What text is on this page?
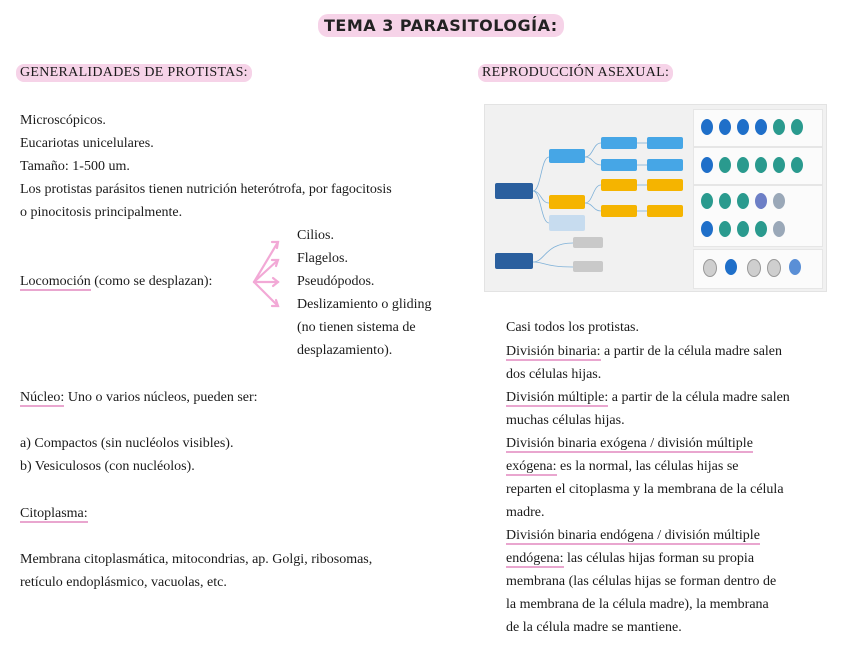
TEMA 3 PARASITOLOGÍA:
GENERALIDADES DE PROTISTAS:
Microscópicos.
Eucariotas unicelulares.
Tamaño: 1-500 um.
Los protistas parásitos tienen nutrición heterótrofa, por fagocitosis
o pinocitosis principalmente.
Locomoción (como se desplazan):
Cilios.
Flagelos.
Pseudópodos.
Deslizamiento o gliding
(no tienen sistema de
desplazamiento).
Núcleo: Uno o varios núcleos, pueden ser:
a) Compactos (sin nucléolos visibles).
b) Vesiculosos (con nucléolos).
Citoplasma:
Membrana citoplasmática, mitocondrias, ap. Golgi, ribosomas,
retículo endoplásmico, vacuolas, etc.
REPRODUCCIÓN ASEXUAL:
Casi todos los protistas.
División binaria: a partir de la célula madre salen
dos células hijas.
División múltiple: a partir de la célula madre salen
muchas células hijas.
División binaria exógena / división múltiple
exógena: es la normal, las células hijas se
reparten el citoplasma y la membrana de la célula
madre.
División binaria endógena / división múltiple
endógena: las células hijas forman su propia
membrana (las células hijas se forman dentro de
la membrana de la célula madre), la membrana
de la célula madre se mantiene.
